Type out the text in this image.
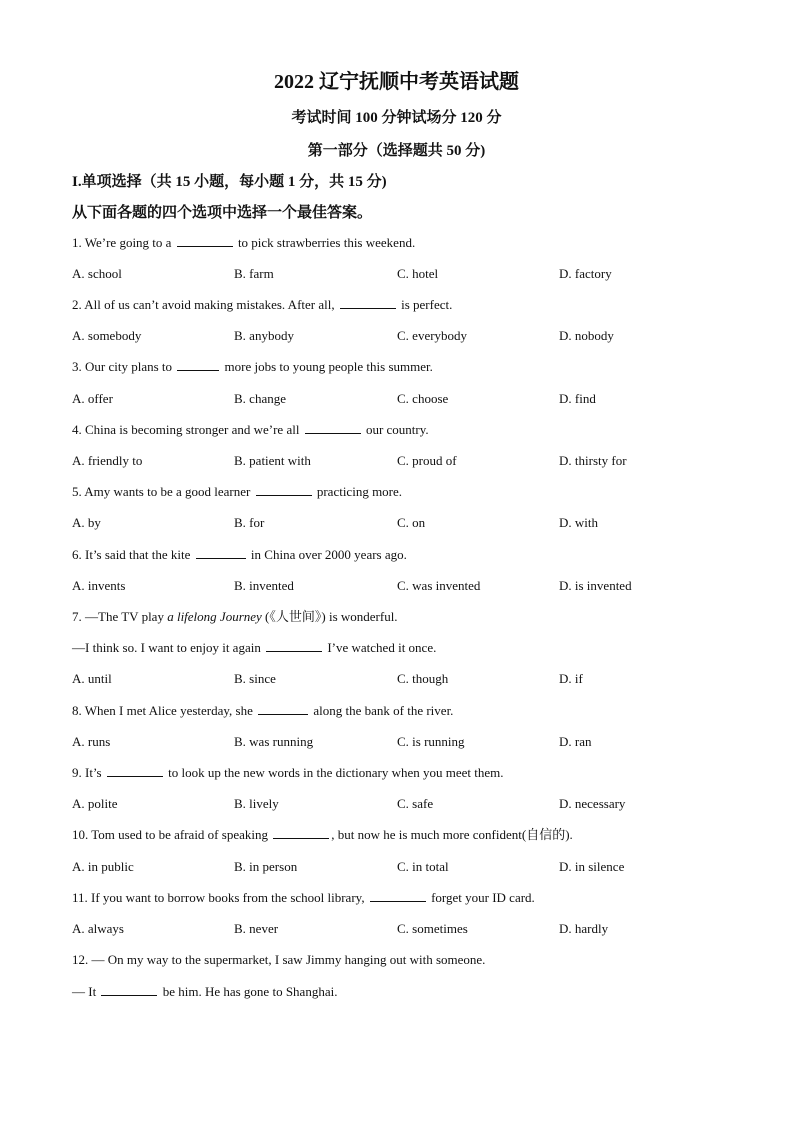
2022 辽宁抚顺中考英语试题
考试时间 100 分钟试场分 120 分
第一部分（选择题共 50 分)
I.单项选择（共 15 小题，每小题 1 分，共 15 分)
从下面各题的四个选项中选择一个最佳答案。
1. We’re going to a	to pick strawberries this weekend.
A. school	B. farm	C. hotel	D. factory
2. All of us can’t avoid making mistakes. After all,	is perfect.
A. somebody	B. anybody	C. everybody	D. nobody
3. Our city plans to	more jobs to young people this summer.
A. offer	B. change	C. choose	D. find
4. China is becoming stronger and we’re all	our country.
A. friendly to	B. patient with	C. proud of	D. thirsty for
5. Amy wants to be a good learner	practicing more.
A. by	B. for	C. on	D. with
6. It’s said that the kite	in China over 2000 years ago.
A. invents	B. invented	C. was invented	D. is invented
7. —The TV play a lifelong Journey (《人世间》) is wonderful.
—I think so. I want to enjoy it again	I’ve watched it once.
A. until	B. since	C. though	D. if
8. When I met Alice yesterday, she	along the bank of the river.
A. runs	B. was running	C. is running	D. ran
9. It’s	to look up the new words in the dictionary when you meet them.
A. polite	B. lively	C. safe	D. necessary
10. Tom used to be afraid of speaking	, but now he is much more confident(自信的).
A. in public	B. in person	C. in total	D. in silence
11. If you want to borrow books from the school library,	forget your ID card.
A. always	B. never	C. sometimes	D. hardly
12. — On my way to the supermarket, I saw Jimmy hanging out with someone.
— It	be him. He has gone to Shanghai.
